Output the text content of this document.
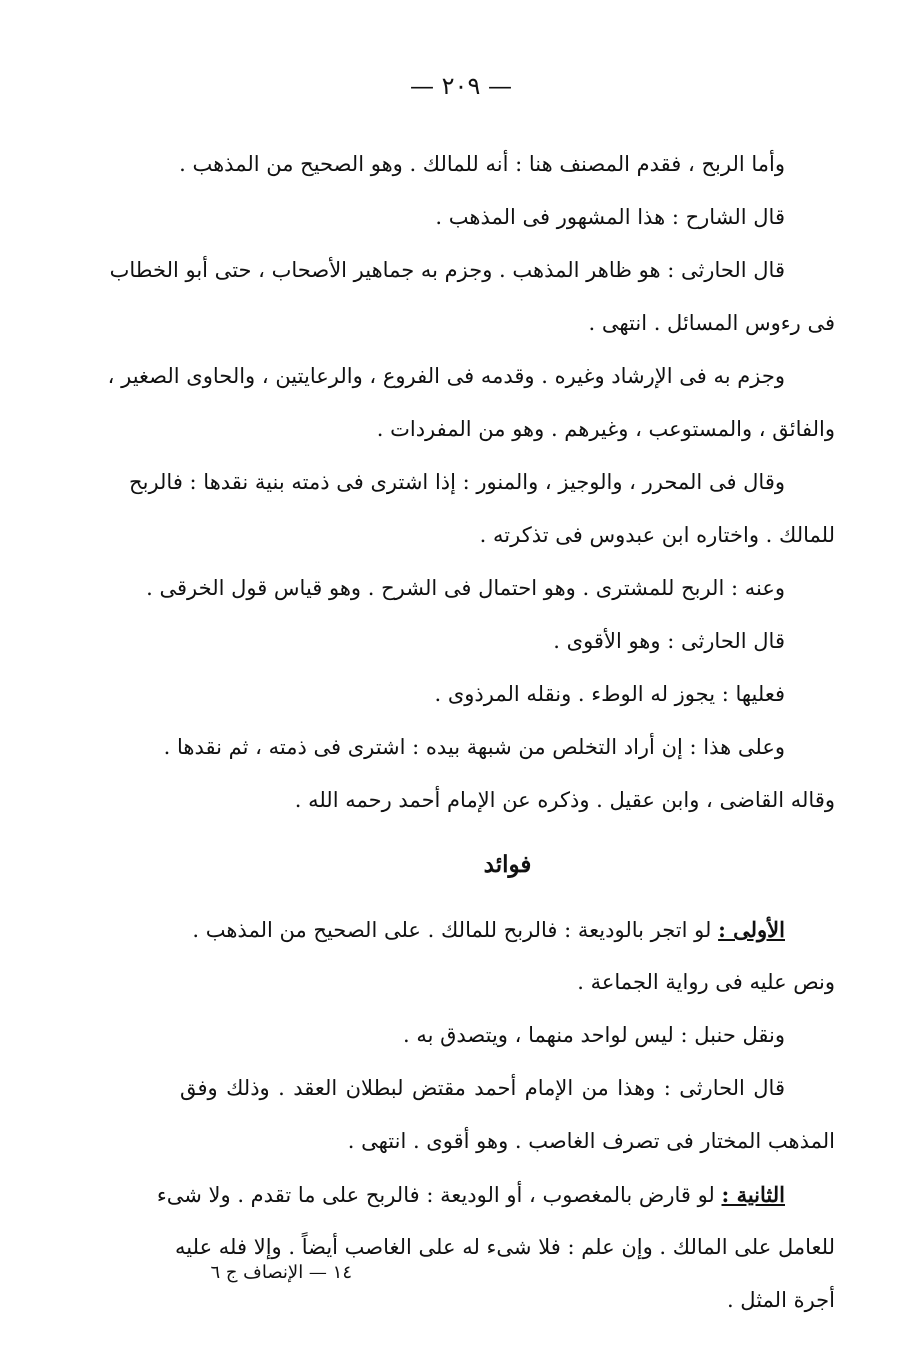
— ٢٠٩ —
وأما الربح ، فقدم المصنف هنا : أنه للمالك . وهو الصحيح من المذهب .
قال الشارح : هذا المشهور فى المذهب .
قال الحارثى : هو ظاهر المذهب . وجزم به جماهير الأصحاب ، حتى أبو الخطاب
فى رءوس المسائل . انتهى .
وجزم به فى الإرشاد وغيره . وقدمه فى الفروع ، والرعايتين ، والحاوى الصغير ،
والفائق ، والمستوعب ، وغيرهم . وهو من المفردات .
وقال فى المحرر ، والوجيز ، والمنور : إذا اشترى فى ذمته بنية نقدها : فالربح
للمالك . واختاره ابن عبدوس فى تذكرته .
وعنه : الربح للمشترى . وهو احتمال فى الشرح . وهو قياس قول الخرقى .
قال الحارثى : وهو الأقوى .
فعليها : يجوز له الوطء . ونقله المرذوى .
وعلى هذا : إن أراد التخلص من شبهة بيده : اشترى فى ذمته ، ثم نقدها .
وقاله القاضى ، وابن عقيل . وذكره عن الإمام أحمد رحمه الله .
فوائد
الأولى : لو اتجر بالوديعة : فالربح للمالك . على الصحيح من المذهب .
ونص عليه فى رواية الجماعة .
ونقل حنبل : ليس لواحد منهما ، ويتصدق به .
قال الحارثى : وهذا من الإمام أحمد مقتض لبطلان العقد . وذلك وفق
المذهب المختار فى تصرف الغاصب . وهو أقوى . انتهى .
الثانية : لو قارض بالمغصوب ، أو الوديعة : فالربح على ما تقدم . ولا شىء
للعامل على المالك . وإن علم : فلا شىء له على الغاصب أيضاً . وإلا فله عليه
أجرة المثل .
١٤ — الإنصاف ج ٦
